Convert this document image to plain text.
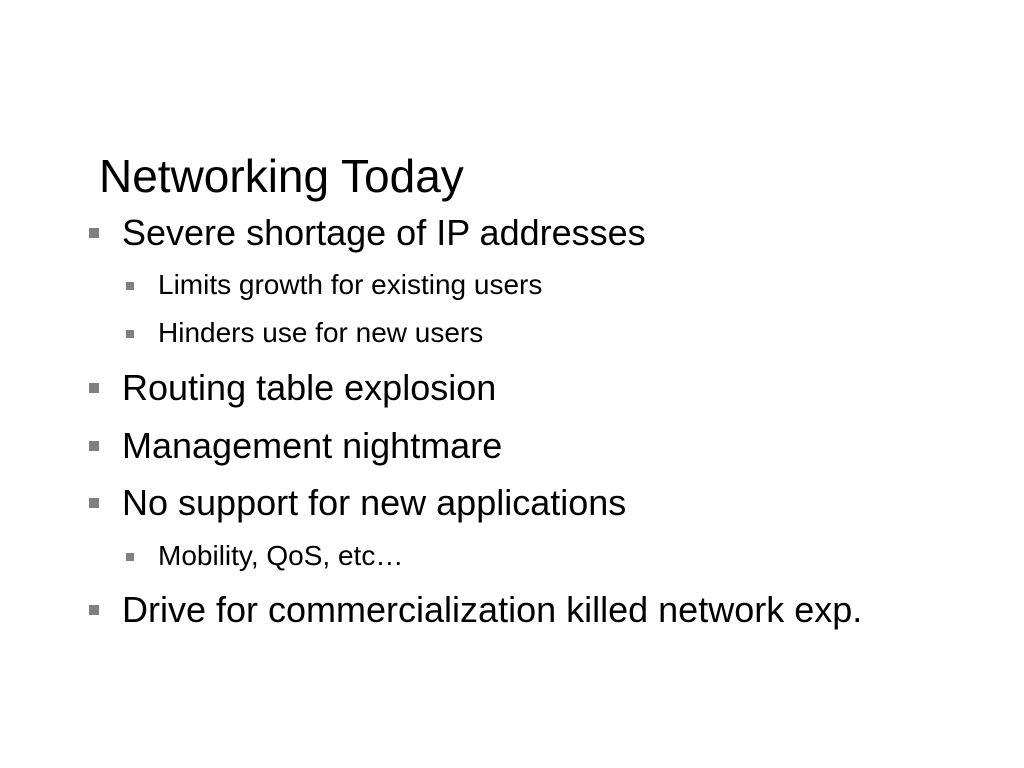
Networking Today
Severe shortage of IP addresses
Limits growth for existing users
Hinders use for new users
Routing table explosion
Management nightmare
No support for new applications
Mobility, QoS, etc…
Drive for commercialization killed network exp.
